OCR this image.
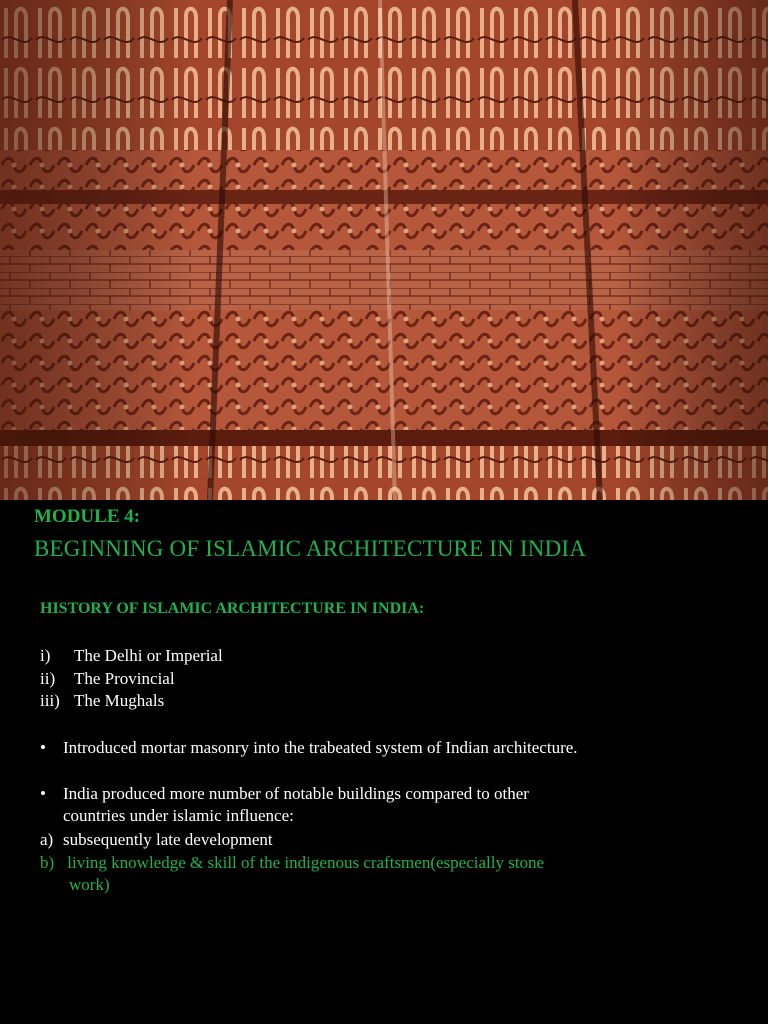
MODULE 4:
BEGINNING OF ISLAMIC ARCHITECTURE IN INDIA
HISTORY OF ISLAMIC ARCHITECTURE IN INDIA:
i)	The Delhi or Imperial
ii)	The Provincial
iii) The Mughals
• Introduced mortar masonry into the trabeated system of Indian architecture.
• India produced more number of notable buildings compared to other
countries under islamic influence:
a) subsequently late development
b) living knowledge & skill of the indigenous craftsmen(especially stone
work)
